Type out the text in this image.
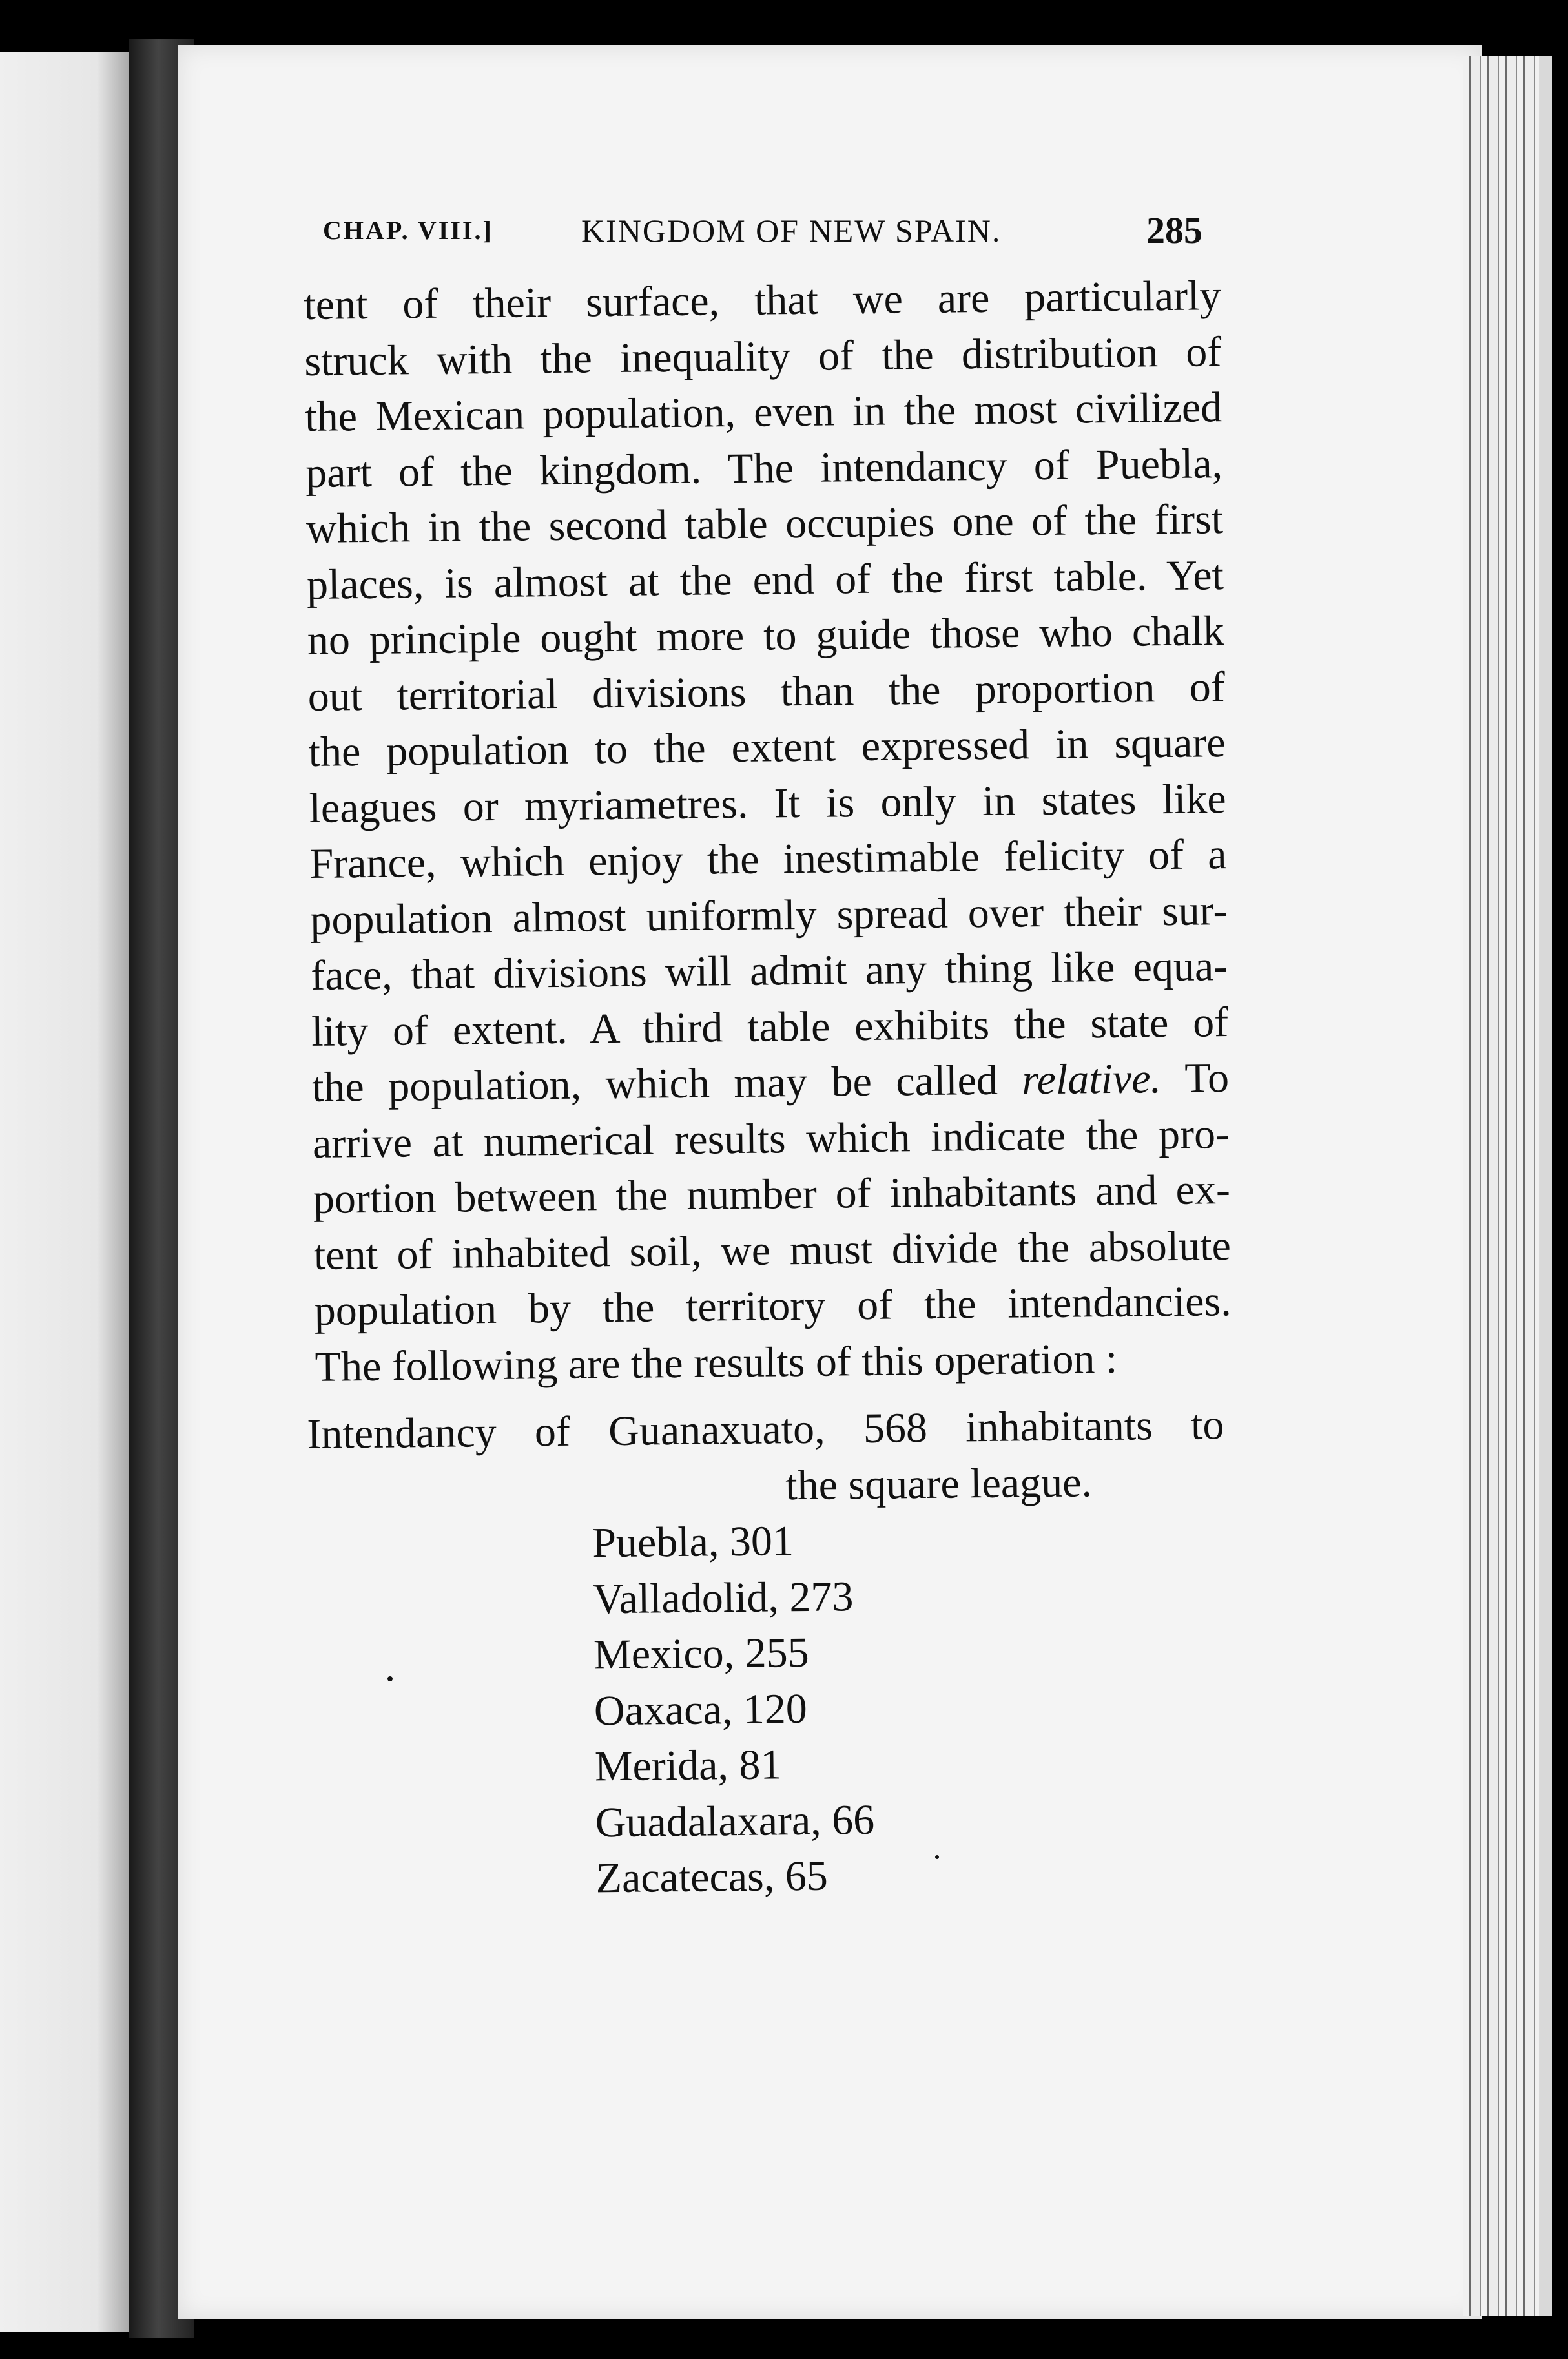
CHAP. VIII.]	KINGDOM OF NEW SPAIN.	285
tent of their surface, that we are particularly
struck with the inequality of the distribution of
the Mexican population, even in the most civilized
part of the kingdom. The intendancy of Puebla,
which in the second table occupies one of the first
places, is almost at the end of the first table. Yet
no principle ought more to guide those who chalk
out territorial divisions than the proportion of
the population to the extent expressed in square
leagues or myriametres. It is only in states like
France, which enjoy the inestimable felicity of a
population almost uniformly spread over their sur-
face, that divisions will admit any thing like equa-
lity of extent. A third table exhibits the state of
the population, which may be called relative. To
arrive at numerical results which indicate the pro-
portion between the number of inhabitants and ex-
tent of inhabited soil, we must divide the absolute
population by the territory of the intendancies.
The following are the results of this operation :
Intendancy of Guanaxuato, 568 inhabitants to
the square league.
Puebla, 301
Valladolid, 273
Mexico, 255
Oaxaca, 120
Merida, 81
Guadalaxara, 66
Zacatecas, 65
